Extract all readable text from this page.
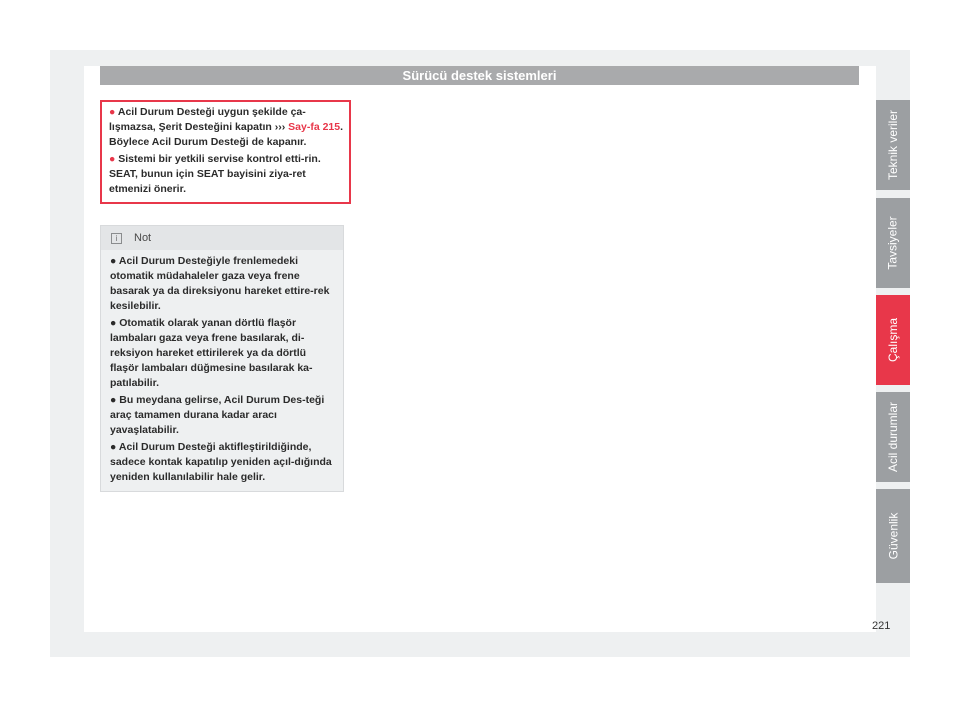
Sürücü destek sistemleri
● Acil Durum Desteği uygun şekilde ça-lışmazsa, Şerit Desteğini kapatın ››› Say-fa 215. Böylece Acil Durum Desteği de kapanır.
● Sistemi bir yetkili servise kontrol etti-rin. SEAT, bunun için SEAT bayisini ziya-ret etmenizi önerir.
i	Not
● Acil Durum Desteğiyle frenlemedeki otomatik müdahaleler gaza veya frene basarak ya da direksiyonu hareket ettire-rek kesilebilir.
● Otomatik olarak yanan dörtlü flaşör lambaları gaza veya frene basılarak, di-reksiyon hareket ettirilerek ya da dörtlü flaşör lambaları düğmesine basılarak ka-patılabilir.
● Bu meydana gelirse, Acil Durum Des-teği araç tamamen durana kadar aracı yavaşlatabilir.
● Acil Durum Desteği aktifleştirildiğinde, sadece kontak kapatılıp yeniden açıl-dığında yeniden kullanılabilir hale gelir.
Teknik veriler
Tavsiyeler
Çalışma
Acil durumlar
Güvenlik
221
